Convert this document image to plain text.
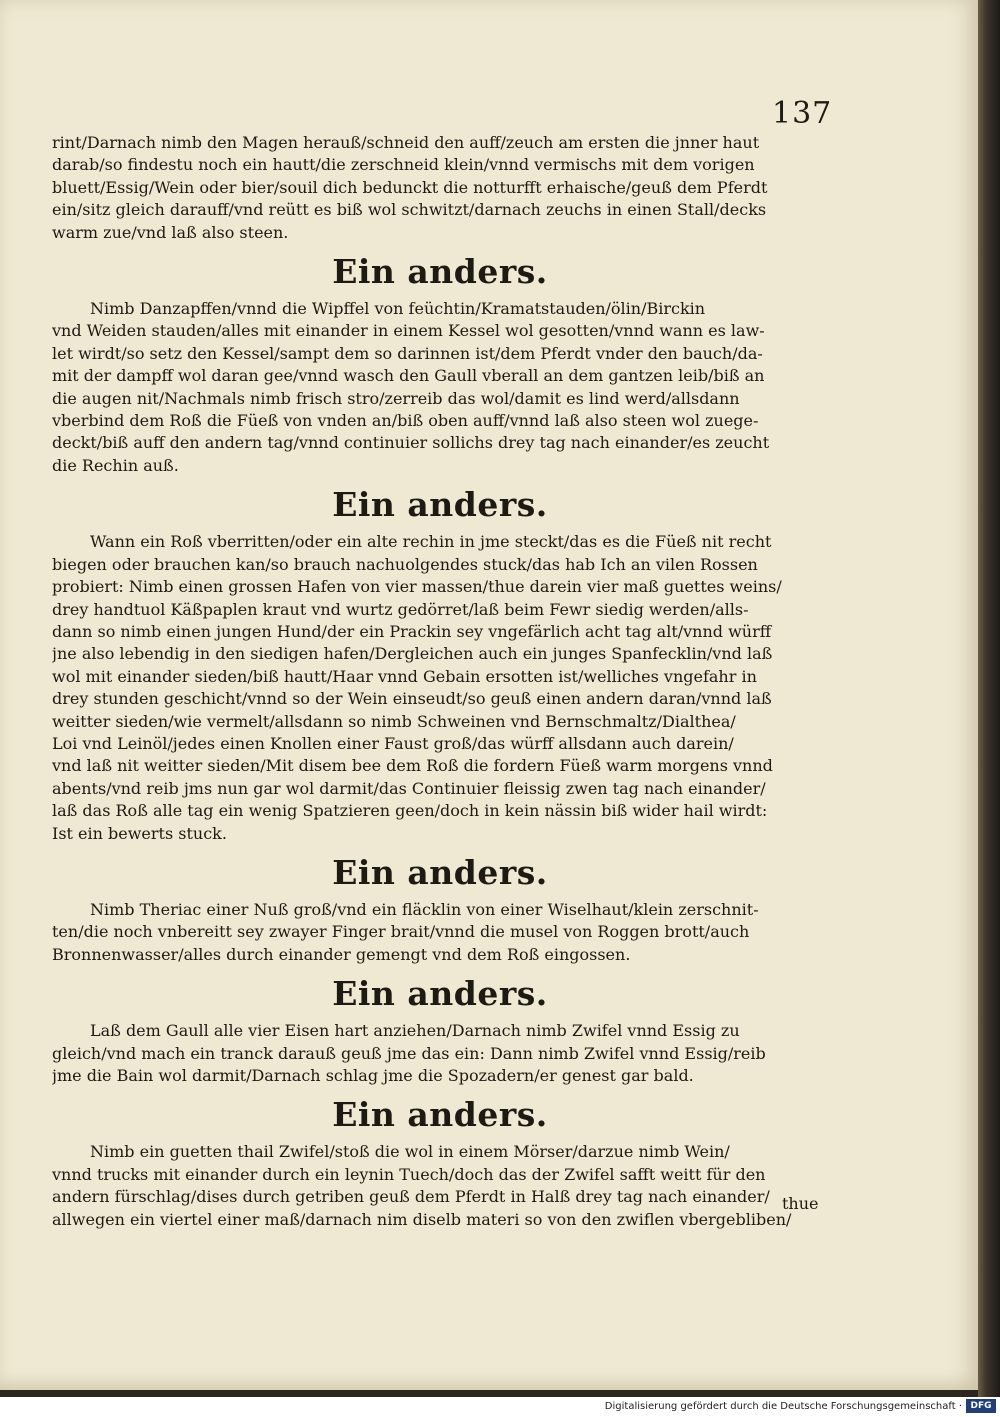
137
rint/Darnach nimb den Magen herauß/schneid den auff/zeuch am ersten die jnner haut
darab/so findestu noch ein hautt/die zerschneid klein/vnnd vermischs mit dem vorigen
bluett/Essig/Wein oder bier/souil dich bedunckt die notturfft erhaische/geuß dem Pferdt
ein/sitz gleich darauff/vnd reütt es biß wol schwitzt/darnach zeuchs in einen Stall/decks
warm zue/vnd laß also steen.
Ein anders.
Nimb Danzapffen/vnnd die Wipffel von feüchtin/Kramatstauden/ölin/Birckin
vnd Weiden stauden/alles mit einander in einem Kessel wol gesotten/vnnd wann es law-
let wirdt/so setz den Kessel/sampt dem so darinnen ist/dem Pferdt vnder den bauch/da-
mit der dampff wol daran gee/vnnd wasch den Gaull vberall an dem gantzen leib/biß an
die augen nit/Nachmals nimb frisch stro/zerreib das wol/damit es lind werd/allsdann
vberbind dem Roß die Füeß von vnden an/biß oben auff/vnnd laß also steen wol zuege-
deckt/biß auff den andern tag/vnnd continuier sollichs drey tag nach einander/es zeucht
die Rechin auß.
Ein anders.
Wann ein Roß vberritten/oder ein alte rechin in jme steckt/das es die Füeß nit recht
biegen oder brauchen kan/so brauch nachuolgendes stuck/das hab Ich an vilen Rossen
probiert: Nimb einen grossen Hafen von vier massen/thue darein vier maß guettes weins/
drey handtuol Käßpaplen kraut vnd wurtz gedörret/laß beim Fewr siedig werden/alls-
dann so nimb einen jungen Hund/der ein Prackin sey vngefärlich acht tag alt/vnnd würff
jne also lebendig in den siedigen hafen/Dergleichen auch ein junges Spanfecklin/vnd laß
wol mit einander sieden/biß hautt/Haar vnnd Gebain ersotten ist/welliches vngefahr in
drey stunden geschicht/vnnd so der Wein einseudt/so geuß einen andern daran/vnnd laß
weitter sieden/wie vermelt/allsdann so nimb Schweinen vnd Bernschmaltz/Dialthea/
Loi vnd Leinöl/jedes einen Knollen einer Faust groß/das würff allsdann auch darein/
vnd laß nit weitter sieden/Mit disem bee dem Roß die fordern Füeß warm morgens vnnd
abents/vnd reib jms nun gar wol darmit/das Continuier fleissig zwen tag nach einander/
laß das Roß alle tag ein wenig Spatzieren geen/doch in kein nässin biß wider hail wirdt:
Ist ein bewerts stuck.
Ein anders.
Nimb Theriac einer Nuß groß/vnd ein fläcklin von einer Wiselhaut/klein zerschnit-
ten/die noch vnbereitt sey zwayer Finger brait/vnnd die musel von Roggen brott/auch
Bronnenwasser/alles durch einander gemengt vnd dem Roß eingossen.
Ein anders.
Laß dem Gaull alle vier Eisen hart anziehen/Darnach nimb Zwifel vnnd Essig zu
gleich/vnd mach ein tranck darauß geuß jme das ein: Dann nimb Zwifel vnnd Essig/reib
jme die Bain wol darmit/Darnach schlag jme die Spozadern/er genest gar bald.
Ein anders.
Nimb ein guetten thail Zwifel/stoß die wol in einem Mörser/darzue nimb Wein/
vnnd trucks mit einander durch ein leynin Tuech/doch das der Zwifel safft weitt für den
andern fürschlag/dises durch getriben geuß dem Pferdt in Halß drey tag nach einander/
allwegen ein viertel einer maß/darnach nim diselb materi so von den zwiflen vbergebliben/
thue
Digitalisierung gefördert durch die Deutsche Forschungsgemeinschaft · DFG
